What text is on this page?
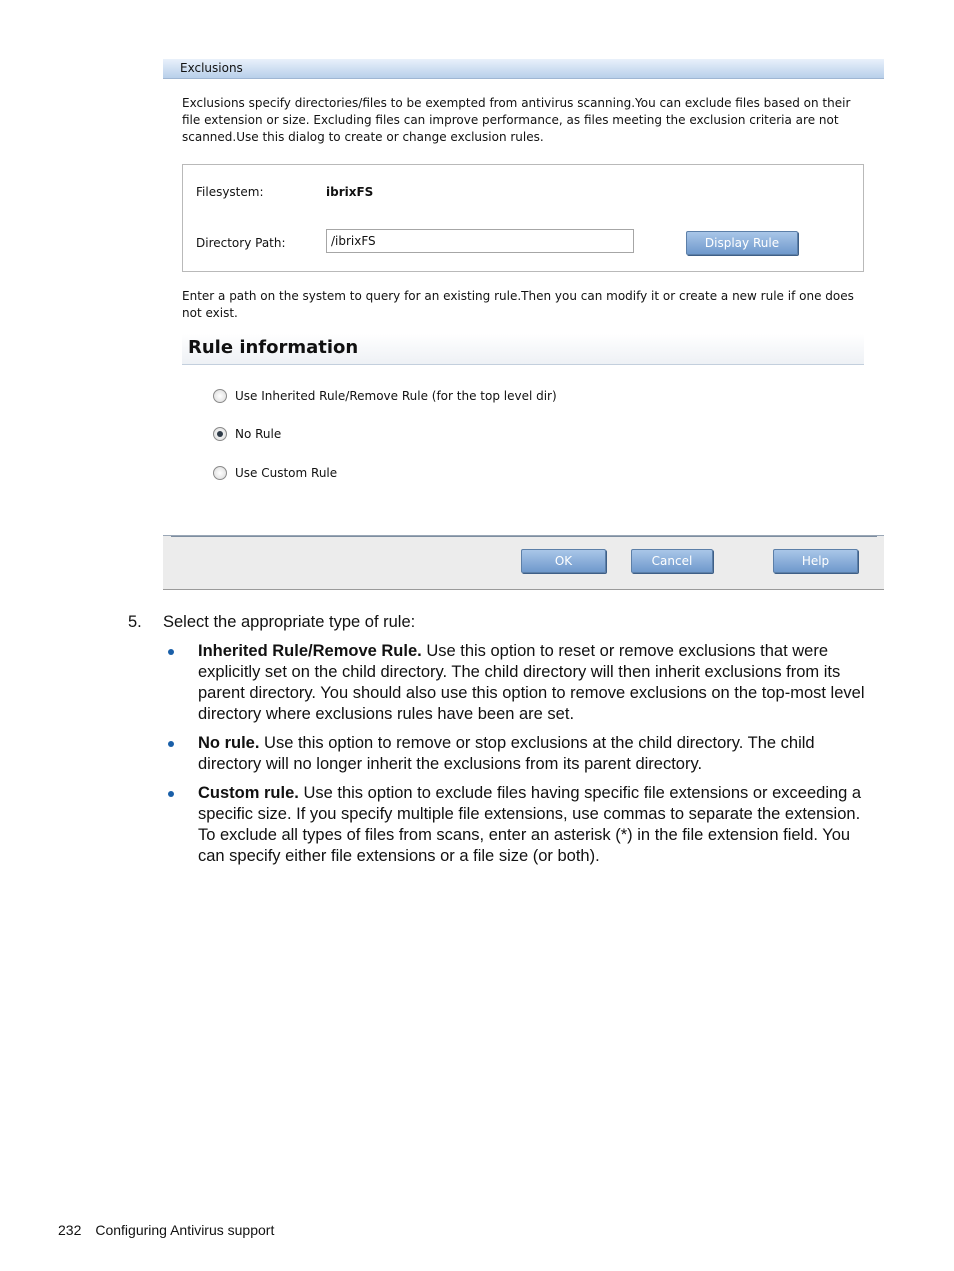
Exclusions
Exclusions specify directories/files to be exempted from antivirus scanning.You can exclude files based on their file extension or size. Excluding files can improve performance, as files meeting the exclusion criteria are not scanned.Use this dialog to create or change exclusion rules.
Filesystem:	ibrixFS
Directory Path:
/ibrixFS	Display Rule
Enter a path on the system to query for an existing rule.Then you can modify it or create a new rule if one does not exist.
Rule information
Use Inherited Rule/Remove Rule (for the top level dir)
No Rule
Use Custom Rule
OK	Cancel	Help
5. Select the appropriate type of rule:
Inherited Rule/Remove Rule. Use this option to reset or remove exclusions that were explicitly set on the child directory. The child directory will then inherit exclusions from its parent directory. You should also use this option to remove exclusions on the top-most level directory where exclusions rules have been are set.
No rule. Use this option to remove or stop exclusions at the child directory. The child directory will no longer inherit the exclusions from its parent directory.
Custom rule. Use this option to exclude files having specific file extensions or exceeding a specific size. If you specify multiple file extensions, use commas to separate the extension. To exclude all types of files from scans, enter an asterisk (*) in the file extension field. You can specify either file extensions or a file size (or both).
232 Configuring Antivirus support
